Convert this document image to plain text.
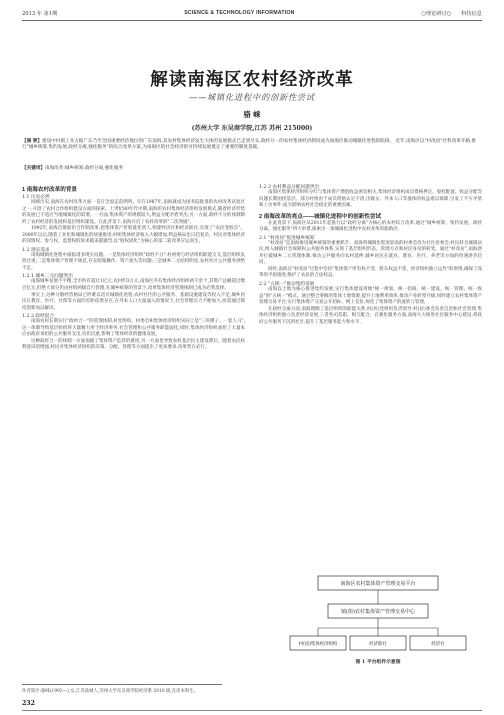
2013 年 第1期	SCIENCE & TECHNOLOGY INFORMATION	○理论研讨○ 科技信息
解读南海区农村经济改革
——城镇化进程中的创新性尝试
骆 崃
(苏州大学 东吴商学院,江苏 苏州 215000)
【摘 要】建设中村镇工业占据广东乃至全国重要经济地位的广东南海,其农村集体经济发生大体的发展模式已走到尽头,政经分一的农村集体经济制度成为南海区推动城镇化进程的阻碍。 近年,南海区以"村改居"社科改革开路,推行"城乡统筹,集约发展,政经分离,强化服务"的综合改革方案,为南海区的社会经济的可持续发展奠定了重要的制度基础。
【关键词】南海改革;城乡统筹;政经分离;强化服务
1 南海农村改革的背景
1.1 历史必然

回顾历史,南海在农村改革方面一直在全国走前例列。早在1987年,南海就成为国务院批准的农村改革试验区之一,开创了农村合作组织建设方面的探索。上世纪80年代中期,南海的农村集体经济组织发展模式,随着经济形势的发展已不适应当地城镇化的需要。一方面,集体资产的规模较大,利益分配矛盾突出;另一方面,政经不分的体制制约了农村经济的发展和基层组织建设。在此背景下,南海开启了农村改革的"二次突破"。

1992年,南海首推股份合作制改革,把集体资产折股量化到人,组建经济社和经济联社,实现了"农民变股东"。2000年以后,随着工业化和城镇化的快速推进,村组集体经济收入大幅增加,利益格局也日趋复杂。村民对集体经济的知情权、参与权、监督权的诉求越来越强烈,以"股权固化"为核心的第二轮改革应运而生。

1.2 现实需求

南海城镇化进程中面临诸多现实问题。一是集体经济组织"政经不分",村两委与经济组织职能交叉,基层组织负担过重;二是集体资产管理不规范,存在暗箱操作、资产流失等问题;三是城乡二元结构明显,农村社区公共服务供给不足。

1.2.1 城乡二元问题突出

南海城乡发展不平衡,全市约有超过1亿元,农村约3万元,南海区共有集体经济组织两千余个,其资产总额超过数百亿元,但绝大部分仍由村组两级自行管理,在城乡统筹的背景下,改革集体经济管理体制已成为必然选择。

事实上,这种分散经营格局已经难以适应城镇化进程,农村社区的公共服务、基础设施建设等投入不足,城乡居民在教育、医疗、社保等方面的差距依然存在,在外来人口大量涌入的情况下,社会管理压力不断加大,亟需通过制度创新加以解决。

1.2.2 政经混合

南海农村长期实行"政经合一"的管理体制,村党组织、村委会和集体经济组织实际上是"三块牌子、一套人马",这一体制导致基层组织将大量精力用于经济事务,社会管理和公共服务职能弱化;同时,集体经济组织承担了大量本应由政府承担的公共服务支出,负担沉重,影响了集体经济的健康发展。

这种政经合一的体制一方面加剧了集体资产监管的难度,另一方面也导致农村基层民主建设滞后。随着农民权利意识的增强,村民对集体经济组织的决策、分配、管理等方面提出了更高要求,改革势在必行。

1.2.3 农村利益分配问题突出

南海区集体经济组织分红与集体资产增值收益密切相关,集体经济组织成员资格界定、股权配置、收益分配等问题长期困扰基层。部分村组由于成员资格认定不清,出嫁女、外来人口等群体的权益难以保障,引发了不少矛盾和上访事件,成为影响农村社会稳定的重要因素。

2 南海改革的亮点——城镇化进程中的创新性尝试

在此背景下,南海区从2011年起推行以"政经分离"为核心的农村综合改革,通过"城乡统筹、集约发展、政经分离、强化服务"四大举措,探索出一条城镇化进程中农村改革的新路径。

2.1 "村改居"促进城乡统筹

"村改居"是南海推进城乡统筹的重要抓手。南海将城镇化程度较高的村委会改为社区居委会,村民转为城镇居民,纳入城镇社会保障和公共服务体系,实现了基层组织形态、管理方式和居民身份的转变。通过"村改居",南海逐步打破城乡二元管理体制,推动公共服务向农村延伸,城乡居民在就业、教育、医疗、养老等方面的待遇逐步趋同。

同时,南海在"村改居"过程中坚持"集体资产所有权不变、股东权益不变、经济组织独立运作"的原则,确保了改革的平稳推进,维护了农民的合法权益。

2.2 "五统一"推动集约发展

南海以土地为核心推进集约发展,实行集体建设用地"统一规划、统一招商、统一建设、统一管理、统一收益"的"五统一"模式。通过整合零散的集体土地资源,提升土地利用效率,推动产业转型升级,同时建立农村集体资产管理交易平台,实行集体资产交易公开招标、网上竞价,规范了集体资产的流转与管理。

在政经分离方面,南海理顺了基层组织的职能关系,村(居)党组织负责领导,村(居)委会负责自治和社会管理,集体经济组织独立负责经济发展,三者各司其职、相互配合。在强化服务方面,南海大力推进社区服务中心建设,将政府公共服务下沉到社区,提升了基层服务能力和水平。

南海区农村集体资产管理交易平台
镇(街)农村集体资产管理交易中心
村(居)集体经济组织	经济联社	经济社
图 1 平台组件示意图
作者简介:骆崃(1992—),女,江苏盐城人,苏州大学东吴商学院经济系 2010 级,在读本科生。
232
